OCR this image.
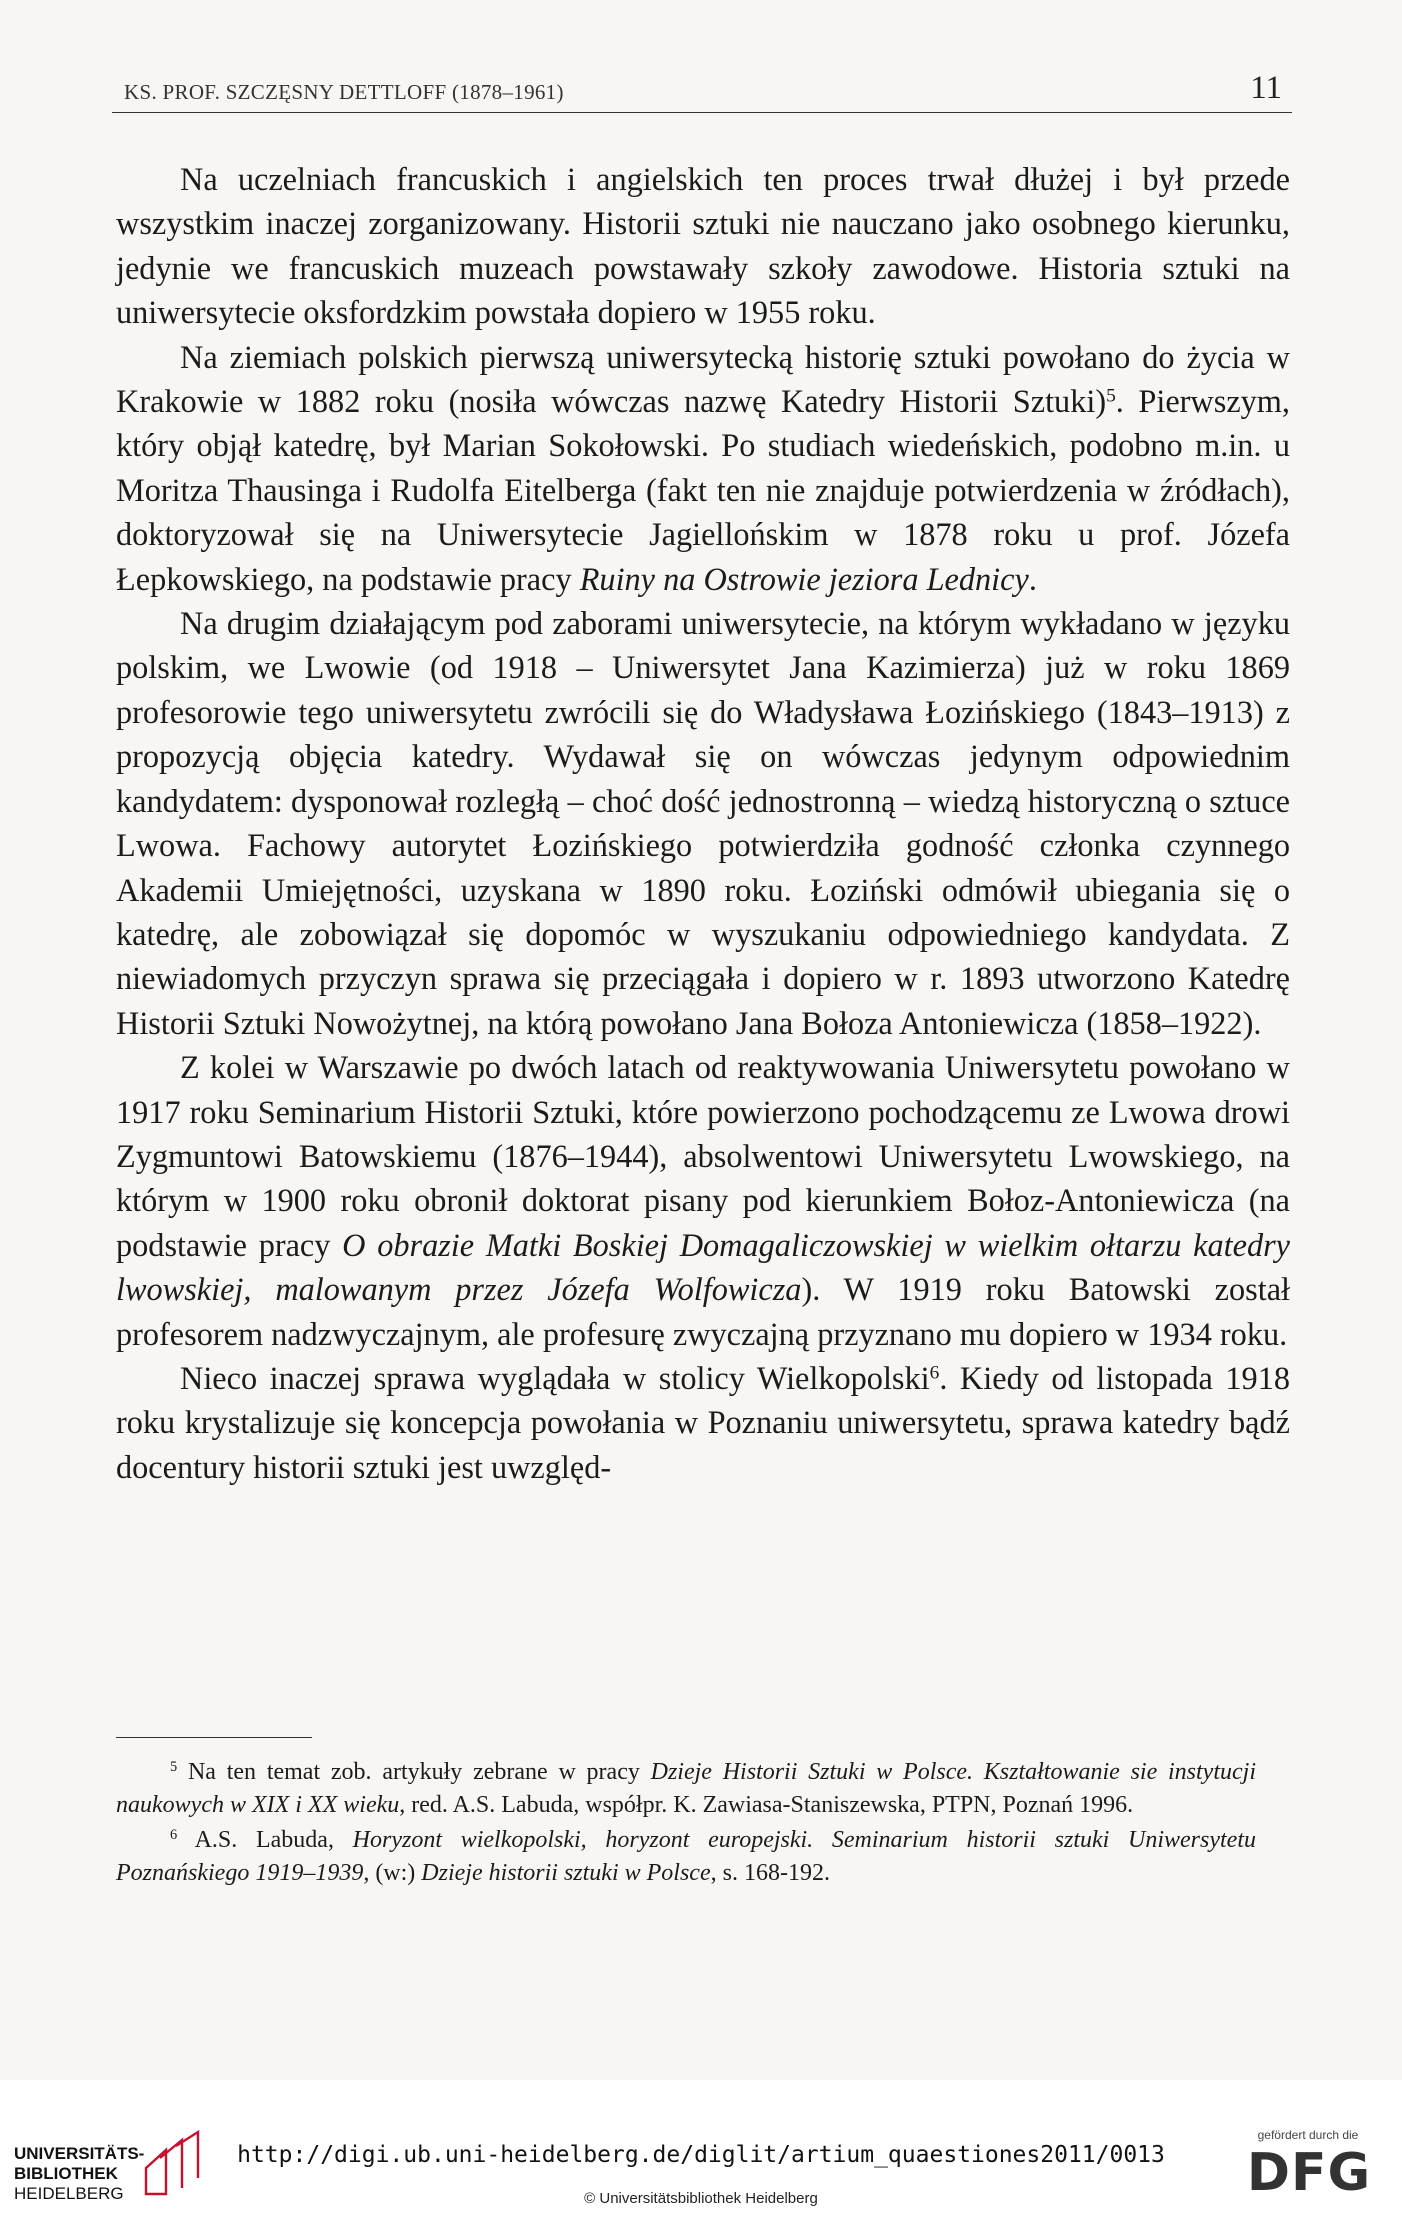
KS. PROF. SZCZĘSNY DETTLOFF (1878–1961)	11

Na uczelniach francuskich i angielskich ten proces trwał dłużej i był przede wszystkim inaczej zorganizowany. Historii sztuki nie nauczano jako osobnego kierunku, jedynie we francuskich muzeach powstawały szkoły zawodowe. Historia sztuki na uniwersytecie oksfordzkim powstała dopiero w 1955 roku.

Na ziemiach polskich pierwszą uniwersytecką historię sztuki powołano do życia w Krakowie w 1882 roku (nosiła wówczas nazwę Katedry Historii Sztuki)$^5$. Pierwszym, który objął katedrę, był Marian Sokołowski. Po studiach wiedeńskich, podobno m.in. u Moritza Thausinga i Rudolfa Eitelberga (fakt ten nie znajduje potwierdzenia w źródłach), doktoryzował się na Uniwersytecie Jagiellońskim w 1878 roku u prof. Józefa Łepkowskiego, na podstawie pracy Ruiny na Ostrowie jeziora Lednicy.

Na drugim działającym pod zaborami uniwersytecie, na którym wykładano w języku polskim, we Lwowie (od 1918 – Uniwersytet Jana Kazimierza) już w roku 1869 profesorowie tego uniwersytetu zwrócili się do Władysława Łozińskiego (1843–1913) z propozycją objęcia katedry. Wydawał się on wówczas jedynym odpowiednim kandydatem: dysponował rozległą – choć dość jednostronną – wiedzą historyczną o sztuce Lwowa. Fachowy autorytet Łozińskiego potwierdziła godność członka czynnego Akademii Umiejętności, uzyskana w 1890 roku. Łoziński odmówił ubiegania się o katedrę, ale zobowiązał się dopomóc w wyszukaniu odpowiedniego kandydata. Z niewiadomych przyczyn sprawa się przeciągała i dopiero w r. 1893 utworzono Katedrę Historii Sztuki Nowożytnej, na którą powołano Jana Bołoza Antoniewicza (1858–1922).

Z kolei w Warszawie po dwóch latach od reaktywowania Uniwersytetu powołano w 1917 roku Seminarium Historii Sztuki, które powierzono pochodzącemu ze Lwowa drowi Zygmuntowi Batowskiemu (1876–1944), absolwentowi Uniwersytetu Lwowskiego, na którym w 1900 roku obronił doktorat pisany pod kierunkiem Bołoz-Antoniewicza (na podstawie pracy O obrazie Matki Boskiej Domagaliczowskiej w wielkim ołtarzu katedry lwowskiej, malowanym przez Józefa Wolfowicza). W 1919 roku Batowski został profesorem nadzwyczajnym, ale profesurę zwyczajną przyznano mu dopiero w 1934 roku.

Nieco inaczej sprawa wyglądała w stolicy Wielkopolski$^6$. Kiedy od listopada 1918 roku krystalizuje się koncepcja powołania w Poznaniu uniwersytetu, sprawa katedry bądź docentury historii sztuki jest uwzględ-

$^5$ Na ten temat zob. artykuły zebrane w pracy Dzieje Historii Sztuki w Polsce. Kształtowanie sie instytucji naukowych w XIX i XX wieku, red. A.S. Labuda, współpr. K. Zawiasa-Staniszewska, PTPN, Poznań 1996.

$^6$ A.S. Labuda, Horyzont wielkopolski, horyzont europejski. Seminarium historii sztuki Uniwersytetu Poznańskiego 1919–1939, (w:) Dzieje historii sztuki w Polsce, s. 168-192.

UNIVERSITÄTS-
BIBLIOTHEK
HEIDELBERG
http://digi.ub.uni-heidelberg.de/diglit/artium_quaestiones2011/0013
© Universitätsbibliothek Heidelberg
gefördert durch die
DFG
